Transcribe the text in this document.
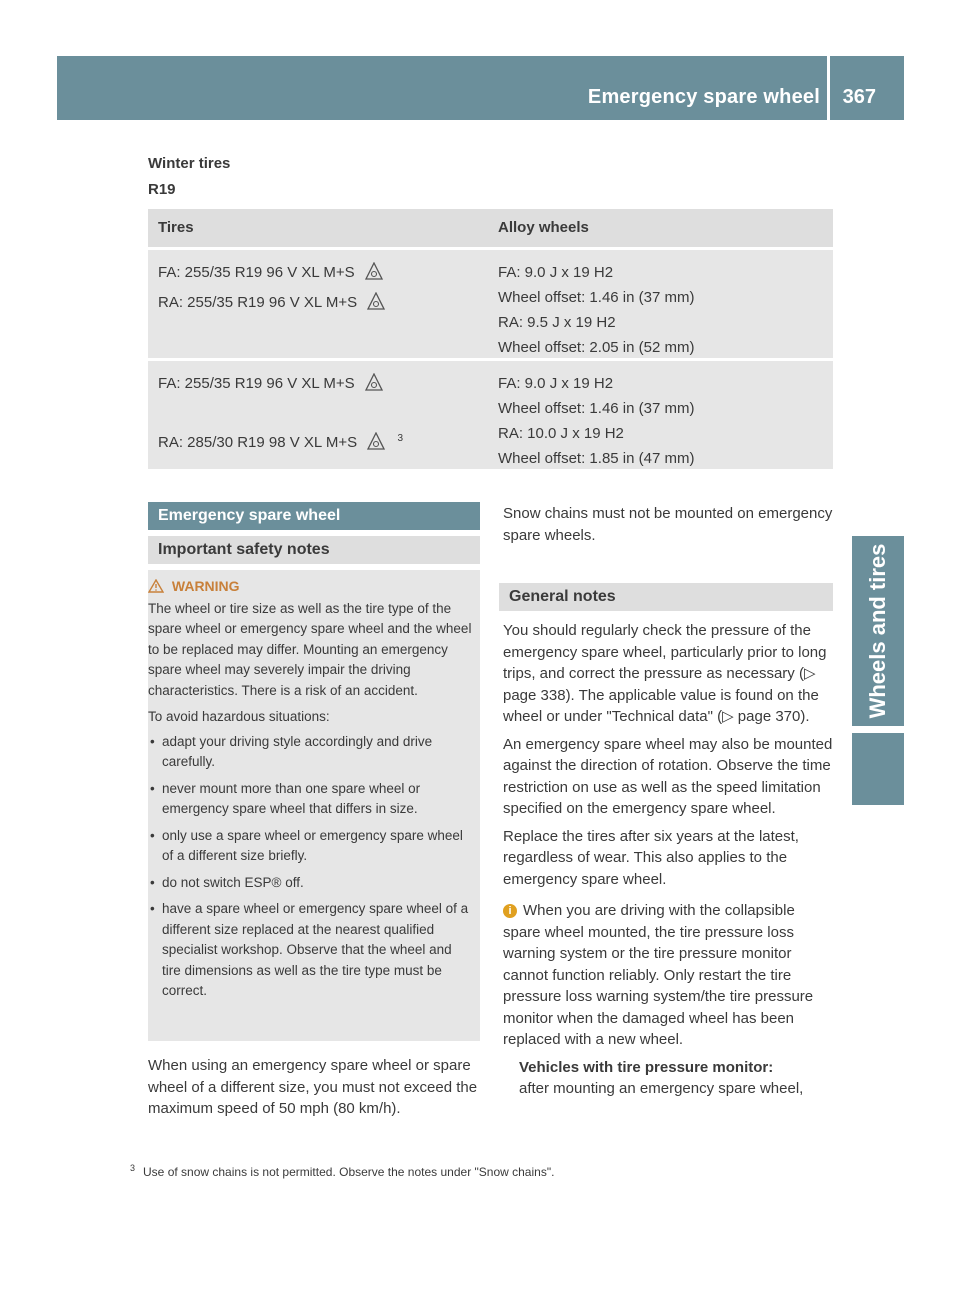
Emergency spare wheel 367
Wheels and tires
Winter tires
R19
Tires	Alloy wheels
FA: 255/35 R19 96 V XL M+S
RA: 255/35 R19 96 V XL M+S
FA: 9.0 J x 19 H2
Wheel offset: 1.46 in (37 mm)
RA: 9.5 J x 19 H2
Wheel offset: 2.05 in (52 mm)
FA: 255/35 R19 96 V XL M+S
RA: 285/30 R19 98 V XL M+S	$^3$
FA: 9.0 J x 19 H2
Wheel offset: 1.46 in (37 mm)
RA: 10.0 J x 19 H2
Wheel offset: 1.85 in (47 mm)
Emergency spare wheel
Important safety notes
WARNING

The wheel or tire size as well as the tire type of the spare wheel or emergency spare wheel and the wheel to be replaced may differ. Mounting an emergency spare wheel may severely impair the driving characteristics. There is a risk of an accident.

To avoid hazardous situations:

• adapt your driving style accordingly and drive carefully.
• never mount more than one spare wheel or emergency spare wheel that differs in size.
• only use a spare wheel or emergency spare wheel of a different size briefly.
• do not switch ESP® off.
• have a spare wheel or emergency spare wheel of a different size replaced at the nearest qualified specialist workshop. Observe that the wheel and tire dimensions as well as the tire type must be correct.

When using an emergency spare wheel or spare wheel of a different size, you must not exceed the maximum speed of 50 mph (80 km/h).

Snow chains must not be mounted on emergency spare wheels.

General notes

You should regularly check the pressure of the emergency spare wheel, particularly prior to long trips, and correct the pressure as necessary (▷ page 338). The applicable value is found on the wheel or under "Technical data" (▷ page 370).

An emergency spare wheel may also be mounted against the direction of rotation. Observe the time restriction on use as well as the speed limitation specified on the emergency spare wheel.

Replace the tires after six years at the latest, regardless of wear. This also applies to the emergency spare wheel.

i When you are driving with the collapsible spare wheel mounted, the tire pressure loss warning system or the tire pressure monitor cannot function reliably. Only restart the tire pressure loss warning system/the tire pressure monitor when the damaged wheel has been replaced with a new wheel.

Vehicles with tire pressure monitor:
after mounting an emergency spare wheel,

$^3$ Use of snow chains is not permitted. Observe the notes under "Snow chains".
